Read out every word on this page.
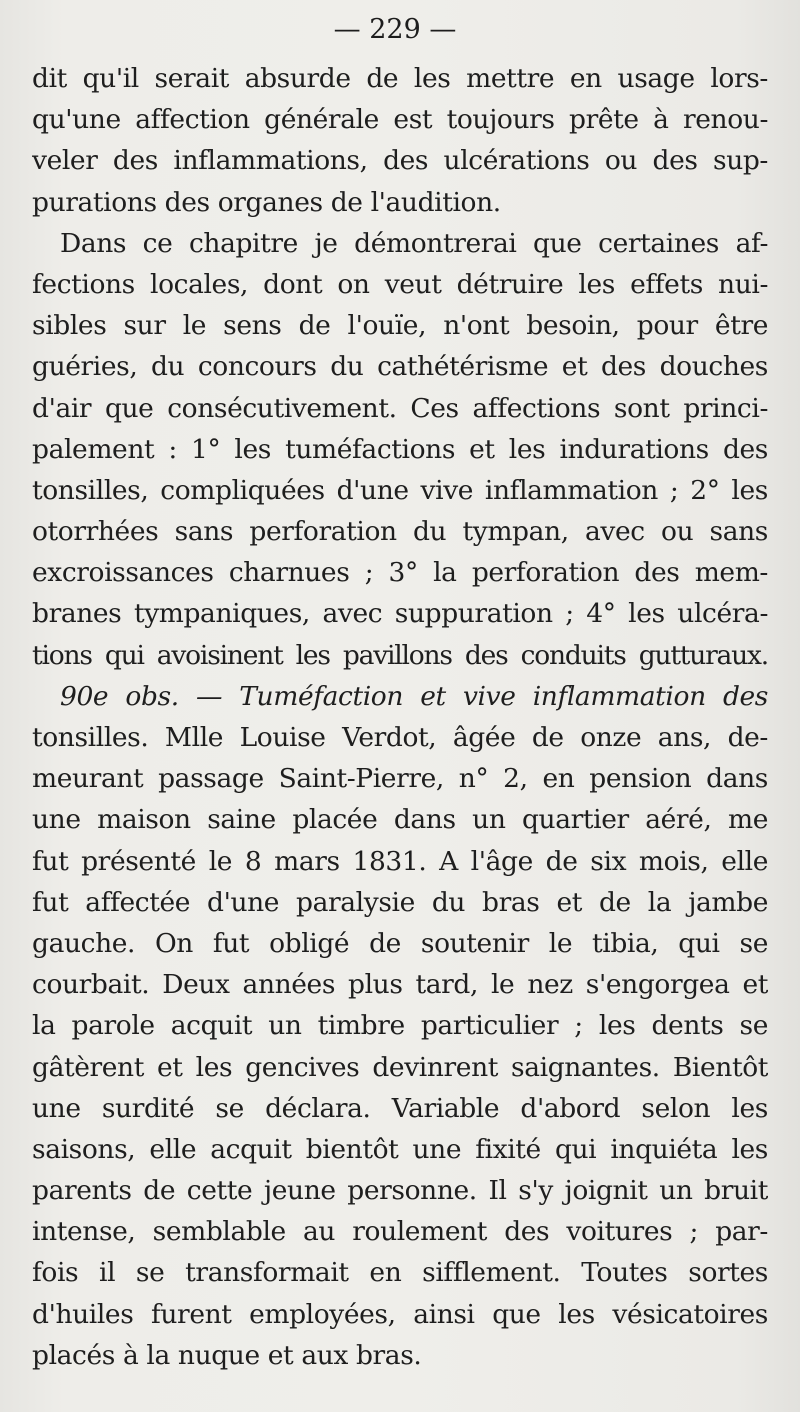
— 229 —
dit qu'il serait absurde de les mettre en usage lors-
qu'une affection générale est toujours prête à renou-
veler des inflammations, des ulcérations ou des sup-
purations des organes de l'audition.
Dans ce chapitre je démontrerai que certaines af-
fections locales, dont on veut détruire les effets nui-
sibles sur le sens de l'ouïe, n'ont besoin, pour être
guéries, du concours du cathétérisme et des douches
d'air que consécutivement. Ces affections sont princi-
palement : 1° les tuméfactions et les indurations des
tonsilles, compliquées d'une vive inflammation ; 2° les
otorrhées sans perforation du tympan, avec ou sans
excroissances charnues ; 3° la perforation des mem-
branes tympaniques, avec suppuration ; 4° les ulcéra-
tions qui avoisinent les pavillons des conduits gutturaux.
90e obs. — Tuméfaction et vive inflammation des
tonsilles. Mlle Louise Verdot, âgée de onze ans, de-
meurant passage Saint-Pierre, n° 2, en pension dans
une maison saine placée dans un quartier aéré, me
fut présenté le 8 mars 1831. A l'âge de six mois, elle
fut affectée d'une paralysie du bras et de la jambe
gauche. On fut obligé de soutenir le tibia, qui se
courbait. Deux années plus tard, le nez s'engorgea et
la parole acquit un timbre particulier ; les dents se
gâtèrent et les gencives devinrent saignantes. Bientôt
une surdité se déclara. Variable d'abord selon les
saisons, elle acquit bientôt une fixité qui inquiéta les
parents de cette jeune personne. Il s'y joignit un bruit
intense, semblable au roulement des voitures ; par-
fois il se transformait en sifflement. Toutes sortes
d'huiles furent employées, ainsi que les vésicatoires
placés à la nuque et aux bras.
